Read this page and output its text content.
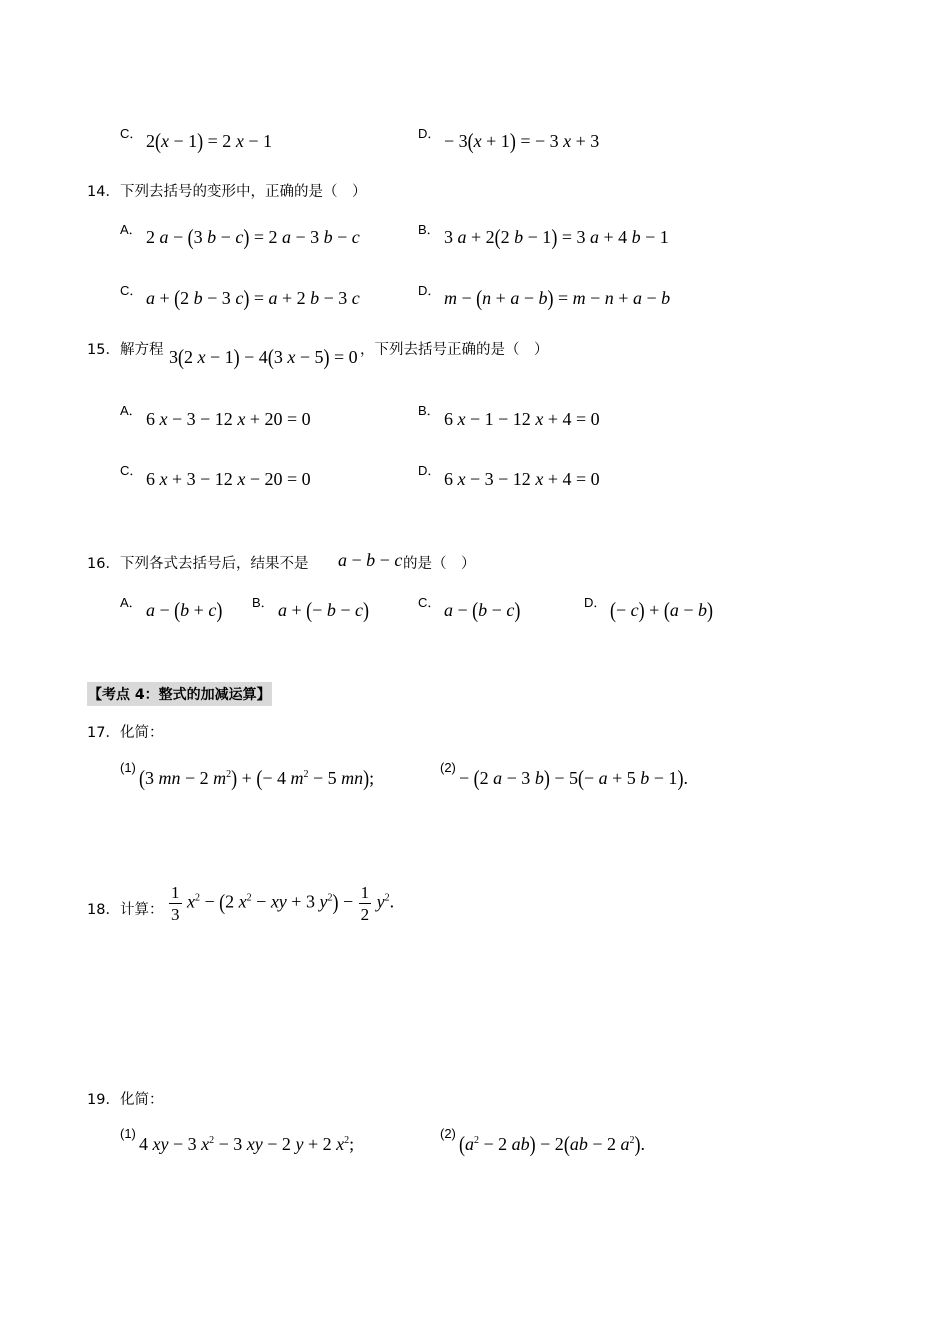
C． 2(x − 1) = 2 x − 1	D． − 3(x + 1) = − 3 x + 3
14．下列去括号的变形中，正确的是（　）
A． 2 a − (3 b − c) = 2 a − 3 b − c	B． 3 a + 2(2 b − 1) = 3 a + 4 b − 1
C． a + (2 b − 3 c) = a + 2 b − 3 c	D． m − (n + a − b) = m − n + a − b
15．解方程 3(2 x − 1) − 4(3 x − 5) = 0 ，下列去括号正确的是（　）
A． 6 x − 3 − 12 x + 20 = 0	B． 6 x − 1 − 12 x + 4 = 0
C． 6 x + 3 − 12 x − 20 = 0	D． 6 x − 3 − 12 x + 4 = 0
16．下列各式去括号后，结果不是 a − b − c 的是（　）
A． a − (b + c) B． a + (− b − c)	C． a − (b − c)	D． (− c) + (a − b)
【考点 4：整式的加减运算】
17．化简：
(1) (3 mn − 2 $m^2$) + (− 4 $m^2 - 5$ mn);
(2)
− (2 a − 3 b) − 5(− a + 5 b − 1).
18．计算： $\frac{1}{3} x^2 - (2$ $x^2$ − xy + 3 $y^2) - \frac{1}{2} y^2$.
19．化简：
(1)
4 xy − 3 $x^2 - 3$ xy − 2 y + 2 $x^2$;
(2) ($a^2 - 2$ ab) − 2(ab − 2 $a^2$).
